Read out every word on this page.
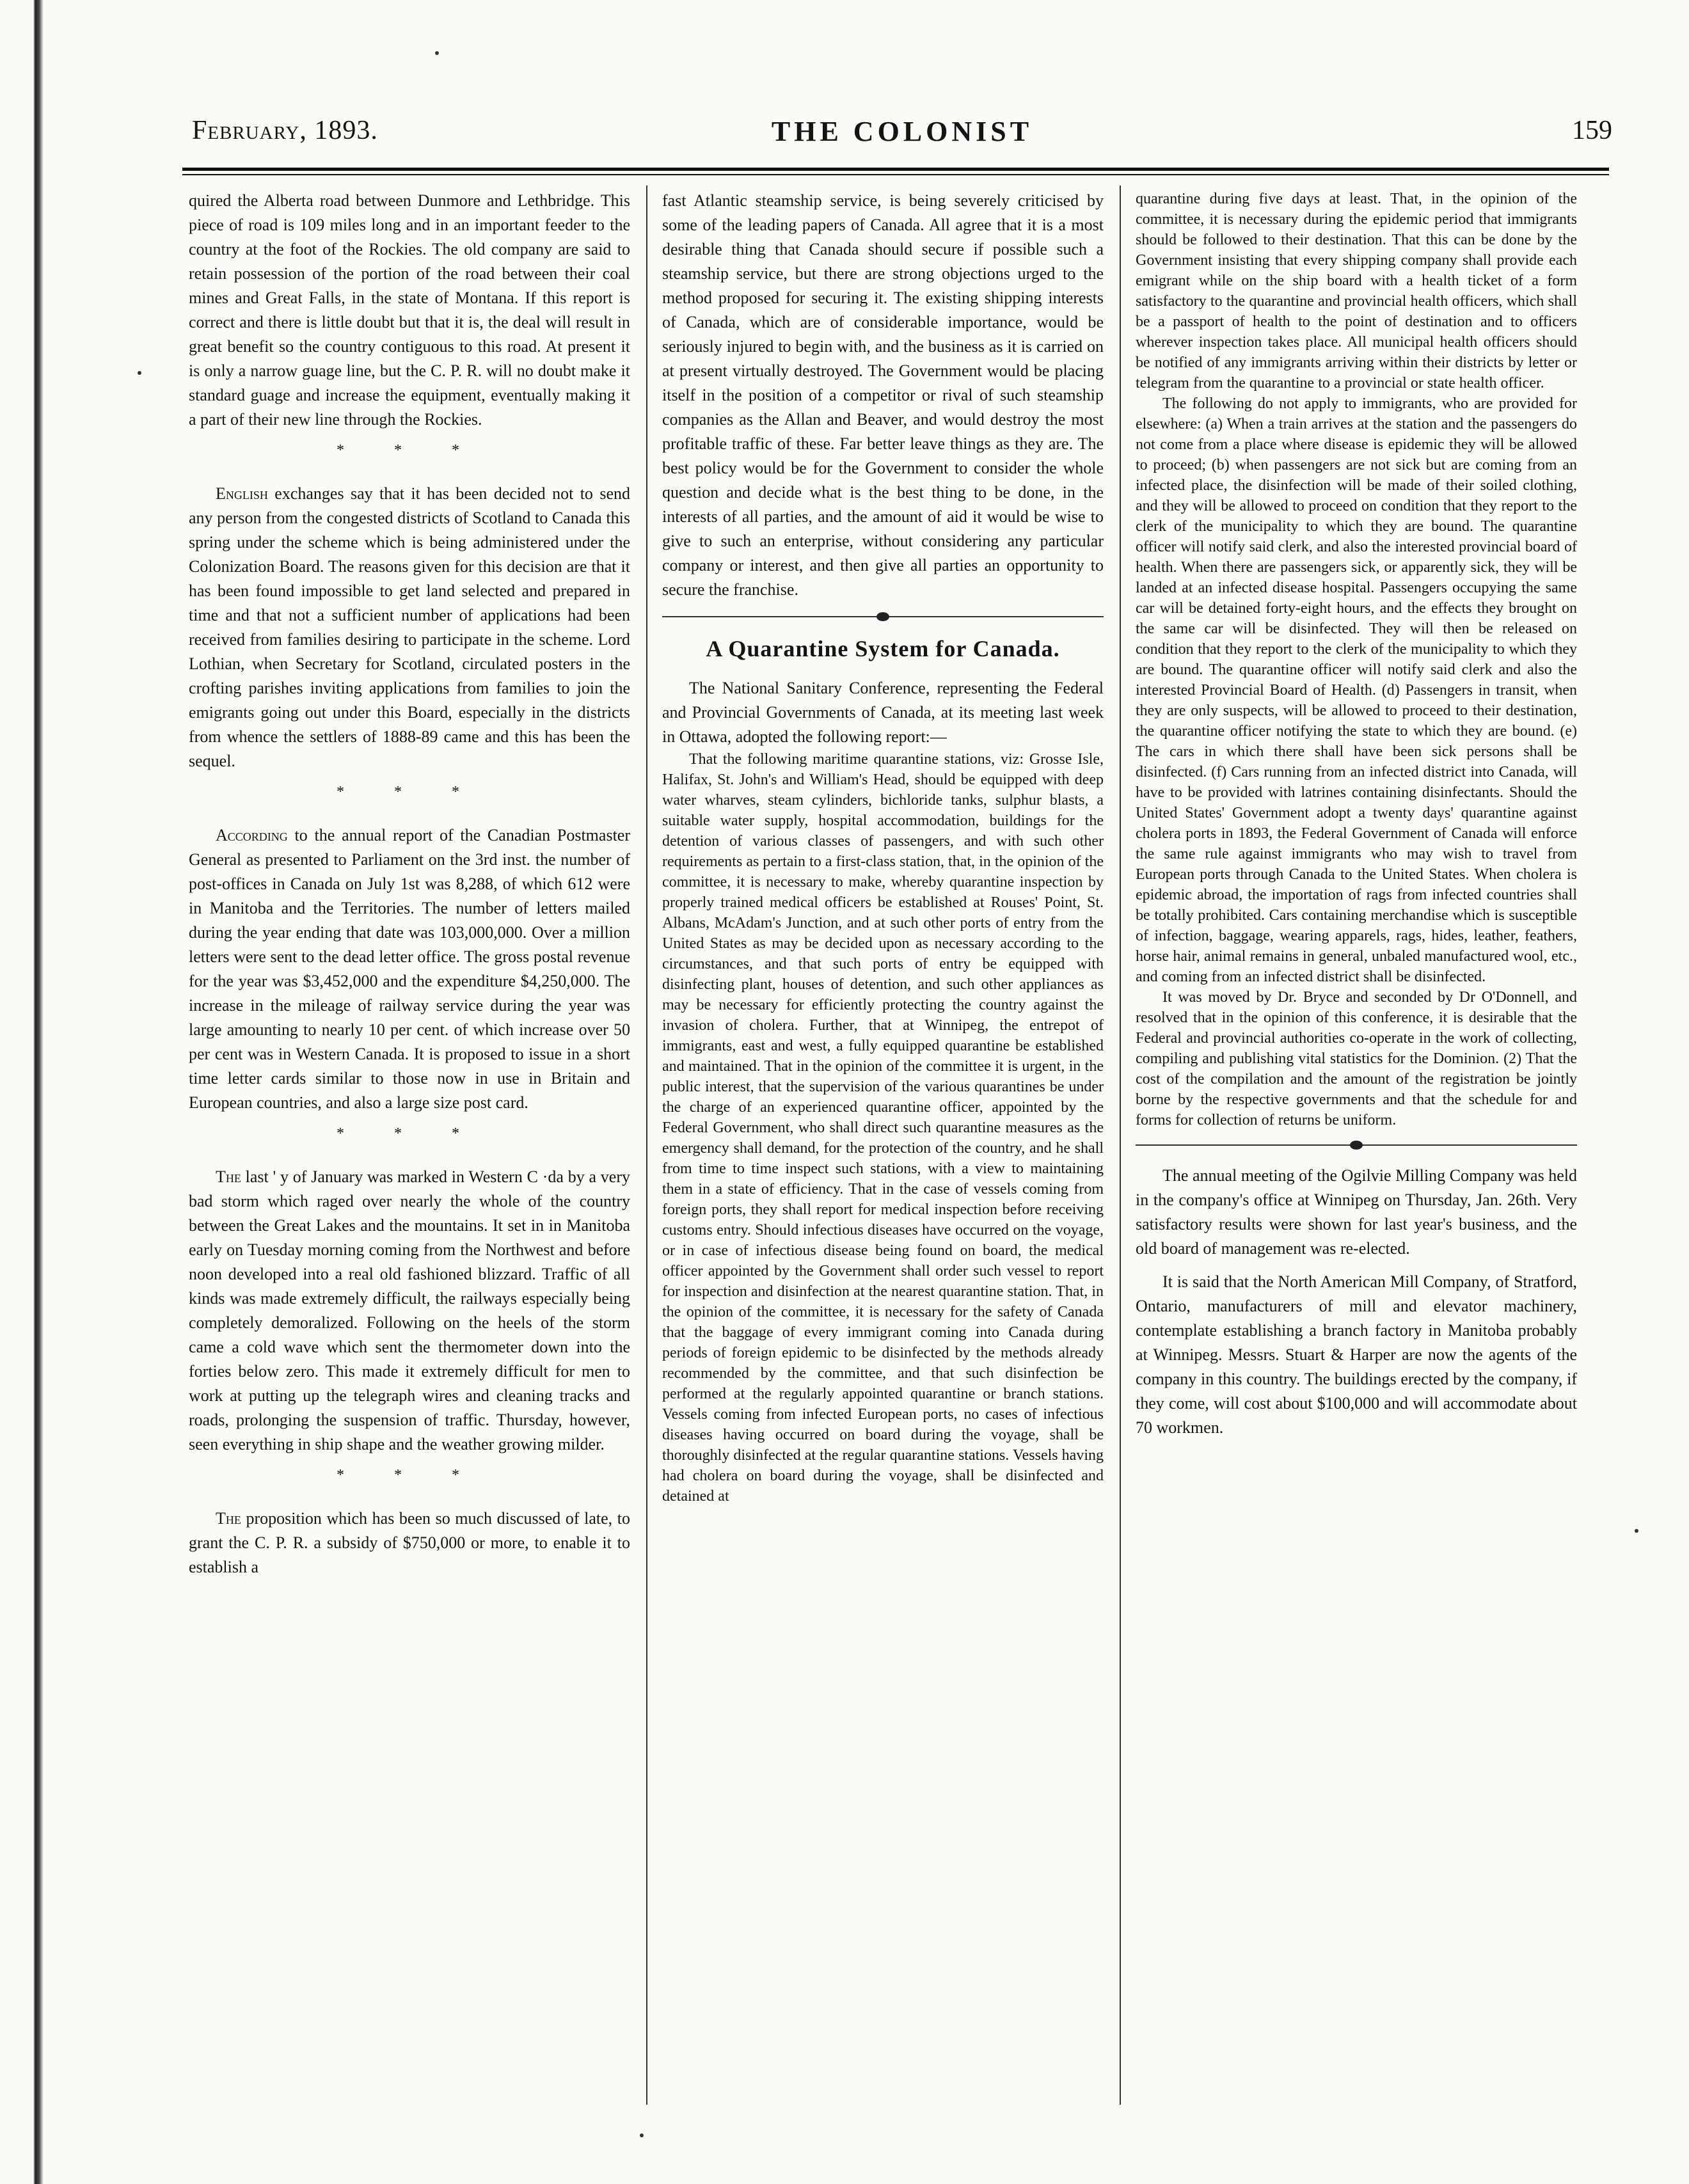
February, 1893.	THE COLONIST	159

quired the Alberta road between Dunmore and Lethbridge. This piece of road is 109 miles long and in an important feeder to the country at the foot of the Rockies. The old company are said to retain possession of the portion of the road between their coal mines and Great Falls, in the state of Montana. If this report is correct and there is little doubt but that it is, the deal will result in great benefit so the country contiguous to this road. At present it is only a narrow guage line, but the C. P. R. will no doubt make it standard guage and increase the equipment, eventually making it a part of their new line through the Rockies.

* * *

English exchanges say that it has been decided not to send any person from the congested districts of Scotland to Canada this spring under the scheme which is being administered under the Colonization Board. The reasons given for this decision are that it has been found impossible to get land selected and prepared in time and that not a sufficient number of applications had been received from families desiring to participate in the scheme. Lord Lothian, when Secretary for Scotland, circulated posters in the crofting parishes inviting applications from families to join the emigrants going out under this Board, especially in the districts from whence the settlers of 1888-89 came and this has been the sequel.

* * *

According to the annual report of the Canadian Postmaster General as presented to Parliament on the 3rd inst. the number of post-offices in Canada on July 1st was 8,288, of which 612 were in Manitoba and the Territories. The number of letters mailed during the year ending that date was 103,000,000. Over a million letters were sent to the dead letter office. The gross postal revenue for the year was $3,452,000 and the expenditure $4,250,000. The increase in the mileage of railway service during the year was large amounting to nearly 10 per cent. of which increase over 50 per cent was in Western Canada. It is proposed to issue in a short time letter cards similar to those now in use in Britain and European countries, and also a large size post card.

* * *

The last ' y of January was marked in Western C ·da by a very bad storm which raged over nearly the whole of the country between the Great Lakes and the mountains. It set in in Manitoba early on Tuesday morning coming from the Northwest and before noon developed into a real old fashioned blizzard. Traffic of all kinds was made extremely difficult, the railways especially being completely demoralized. Following on the heels of the storm came a cold wave which sent the thermometer down into the forties below zero. This made it extremely difficult for men to work at putting up the telegraph wires and cleaning tracks and roads, prolonging the suspension of traffic. Thursday, however, seen everything in ship shape and the weather growing milder.

* * *

The proposition which has been so much discussed of late, to grant the C. P. R. a subsidy of $750,000 or more, to enable it to establish a

fast Atlantic steamship service, is being severely criticised by some of the leading papers of Canada. All agree that it is a most desirable thing that Canada should secure if possible such a steamship service, but there are strong objections urged to the method proposed for securing it. The existing shipping interests of Canada, which are of considerable importance, would be seriously injured to begin with, and the business as it is carried on at present virtually destroyed. The Government would be placing itself in the position of a competitor or rival of such steamship companies as the Allan and Beaver, and would destroy the most profitable traffic of these. Far better leave things as they are. The best policy would be for the Government to consider the whole question and decide what is the best thing to be done, in the interests of all parties, and the amount of aid it would be wise to give to such an enterprise, without considering any particular company or interest, and then give all parties an opportunity to secure the franchise.

A Quarantine System for Canada.

The National Sanitary Conference, representing the Federal and Provincial Governments of Canada, at its meeting last week in Ottawa, adopted the following report:—

That the following maritime quarantine stations, viz: Grosse Isle, Halifax, St. John's and William's Head, should be equipped with deep water wharves, steam cylinders, bichloride tanks, sulphur blasts, a suitable water supply, hospital accommodation, buildings for the detention of various classes of passengers, and with such other requirements as pertain to a first-class station, that, in the opinion of the committee, it is necessary to make, whereby quarantine inspection by properly trained medical officers be established at Rouses' Point, St. Albans, McAdam's Junction, and at such other ports of entry from the United States as may be decided upon as necessary according to the circumstances, and that such ports of entry be equipped with disinfecting plant, houses of detention, and such other appliances as may be necessary for efficiently protecting the country against the invasion of cholera. Further, that at Winnipeg, the entrepot of immigrants, east and west, a fully equipped quarantine be established and maintained. That in the opinion of the committee it is urgent, in the public interest, that the supervision of the various quarantines be under the charge of an experienced quarantine officer, appointed by the Federal Government, who shall direct such quarantine measures as the emergency shall demand, for the protection of the country, and he shall from time to time inspect such stations, with a view to maintaining them in a state of efficiency. That in the case of vessels coming from foreign ports, they shall report for medical inspection before receiving customs entry. Should infectious diseases have occurred on the voyage, or in case of infectious disease being found on board, the medical officer appointed by the Government shall order such vessel to report for inspection and disinfection at the nearest quarantine station. That, in the opinion of the committee, it is necessary for the safety of Canada that the baggage of every immigrant coming into Canada during periods of foreign epidemic to be disinfected by the methods already recommended by the committee, and that such disinfection be performed at the regularly appointed quarantine or branch stations. Vessels coming from infected European ports, no cases of infectious diseases having occurred on board during the voyage, shall be thoroughly disinfected at the regular quarantine stations. Vessels having had cholera on board during the voyage, shall be disinfected and detained at

quarantine during five days at least. That, in the opinion of the committee, it is necessary during the epidemic period that immigrants should be followed to their destination. That this can be done by the Government insisting that every shipping company shall provide each emigrant while on the ship board with a health ticket of a form satisfactory to the quarantine and provincial health officers, which shall be a passport of health to the point of destination and to officers wherever inspection takes place. All municipal health officers should be notified of any immigrants arriving within their districts by letter or telegram from the quarantine to a provincial or state health officer.

The following do not apply to immigrants, who are provided for elsewhere: (a) When a train arrives at the station and the passengers do not come from a place where disease is epidemic they will be allowed to proceed; (b) when passengers are not sick but are coming from an infected place, the disinfection will be made of their soiled clothing, and they will be allowed to proceed on condition that they report to the clerk of the municipality to which they are bound. The quarantine officer will notify said clerk, and also the interested provincial board of health. When there are passengers sick, or apparently sick, they will be landed at an infected disease hospital. Passengers occupying the same car will be detained forty-eight hours, and the effects they brought on the same car will be disinfected. They will then be released on condition that they report to the clerk of the municipality to which they are bound. The quarantine officer will notify said clerk and also the interested Provincial Board of Health. (d) Passengers in transit, when they are only suspects, will be allowed to proceed to their destination, the quarantine officer notifying the state to which they are bound. (e) The cars in which there shall have been sick persons shall be disinfected. (f) Cars running from an infected district into Canada, will have to be provided with latrines containing disinfectants. Should the United States' Government adopt a twenty days' quarantine against cholera ports in 1893, the Federal Government of Canada will enforce the same rule against immigrants who may wish to travel from European ports through Canada to the United States. When cholera is epidemic abroad, the importation of rags from infected countries shall be totally prohibited. Cars containing merchandise which is susceptible of infection, baggage, wearing apparels, rags, hides, leather, feathers, horse hair, animal remains in general, unbaled manufactured wool, etc., and coming from an infected district shall be disinfected.

It was moved by Dr. Bryce and seconded by Dr O'Donnell, and resolved that in the opinion of this conference, it is desirable that the Federal and provincial authorities co-operate in the work of collecting, compiling and publishing vital statistics for the Dominion. (2) That the cost of the compilation and the amount of the registration be jointly borne by the respective governments and that the schedule for and forms for collection of returns be uniform.

The annual meeting of the Ogilvie Milling Company was held in the company's office at Winnipeg on Thursday, Jan. 26th. Very satisfactory results were shown for last year's business, and the old board of management was re-elected.

It is said that the North American Mill Company, of Stratford, Ontario, manufacturers of mill and elevator machinery, contemplate establishing a branch factory in Manitoba probably at Winnipeg. Messrs. Stuart & Harper are now the agents of the company in this country. The buildings erected by the company, if they come, will cost about $100,000 and will accommodate about 70 workmen.
